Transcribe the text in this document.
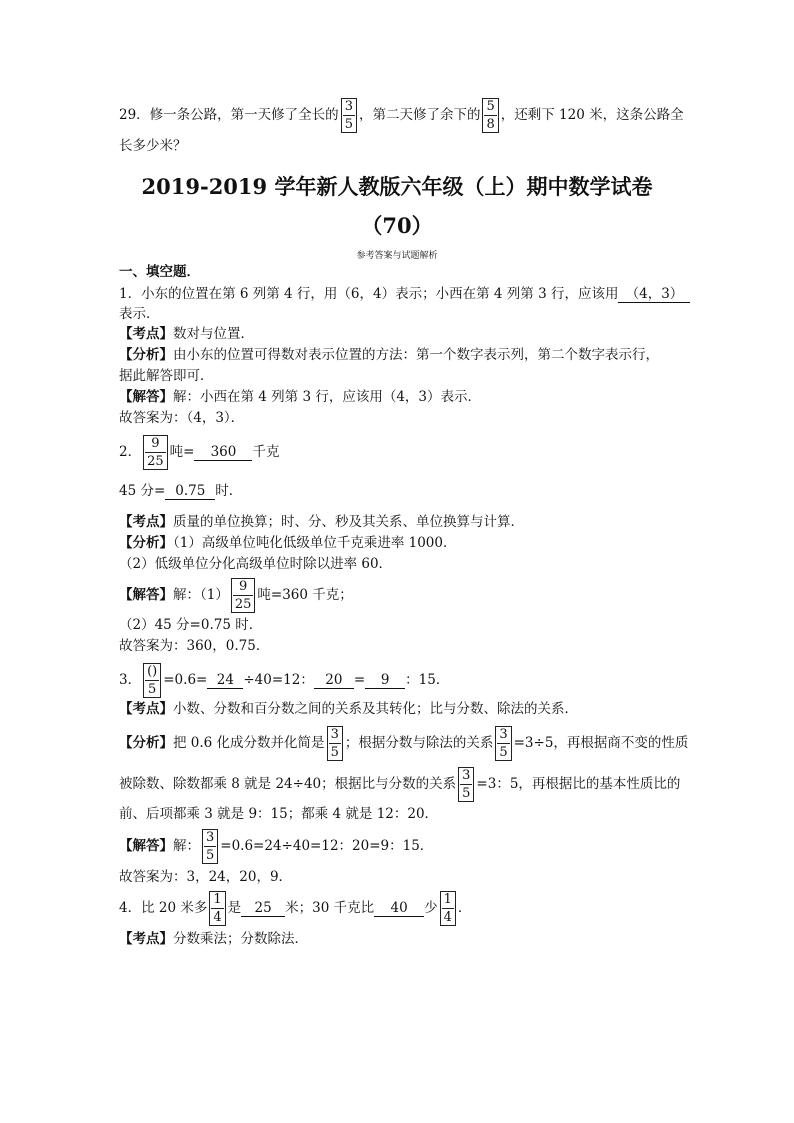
29．修一条公路，第一天修了全长的 $\frac{3}{5}$ ，第二天修了余下的 $\frac{5}{8}$ ，还剩下 120 米，这条公路全
长多少米？
2019-2019 学年新人教版六年级（上）期中数学试卷
（70）
参考答案与试题解析
一、填空题．
1．小东的位置在第 6 列第 4 行，用（6，4）表示；小西在第 4 列第 3 行，应该用 （4，3）
表示．
【考点】数对与位置．
【分析】由小东的位置可得数对表示位置的方法：第一个数字表示列，第二个数字表示行，
据此解答即可．
【解答】解：小西在第 4 列第 3 行，应该用（4，3）表示．
故答案为：（4，3）．
2． $\frac{9}{25}$ 吨= 360 千克
45 分= 0.75 时．
【考点】质量的单位换算；时、分、秒及其关系、单位换算与计算．
【分析】（1）高级单位吨化低级单位千克乘进率 1000．
（2）低级单位分化高级单位时除以进率 60．
【解答】解：$(1) \frac{9}{25}$ 吨=360 千克；
（2）45 分=0.75 时．
故答案为：360，0.75．
3． $\frac{()}{5} =0.6= 24 \div 40=12$： 20 = 9 ：15．
【考点】小数、分数和百分数之间的关系及其转化；比与分数、除法的关系．
【分析】把 0.6 化成分数并化简是 $\frac{3}{5}$ ；根据分数与除法的关系 $\frac{3}{5} =3\div 5$，再根据商不变的性质
被除数、除数都乘 8 就是 24÷40；根据比与分数的关系 $\frac{3}{5} =3$：5，再根据比的基本性质比的
前、后项都乘 3 就是 9：15；都乘 4 就是 12：20．
【解答】解： $\frac{3}{5} =0.6=24\div 40=12$：20=9：15．
故答案为：3，24，20，9．
4．比 20 米多 $\frac{1}{4}$ 是 25 米；30 千克比 40 少 $\frac{1}{4}$ ．
【考点】分数乘法；分数除法．
